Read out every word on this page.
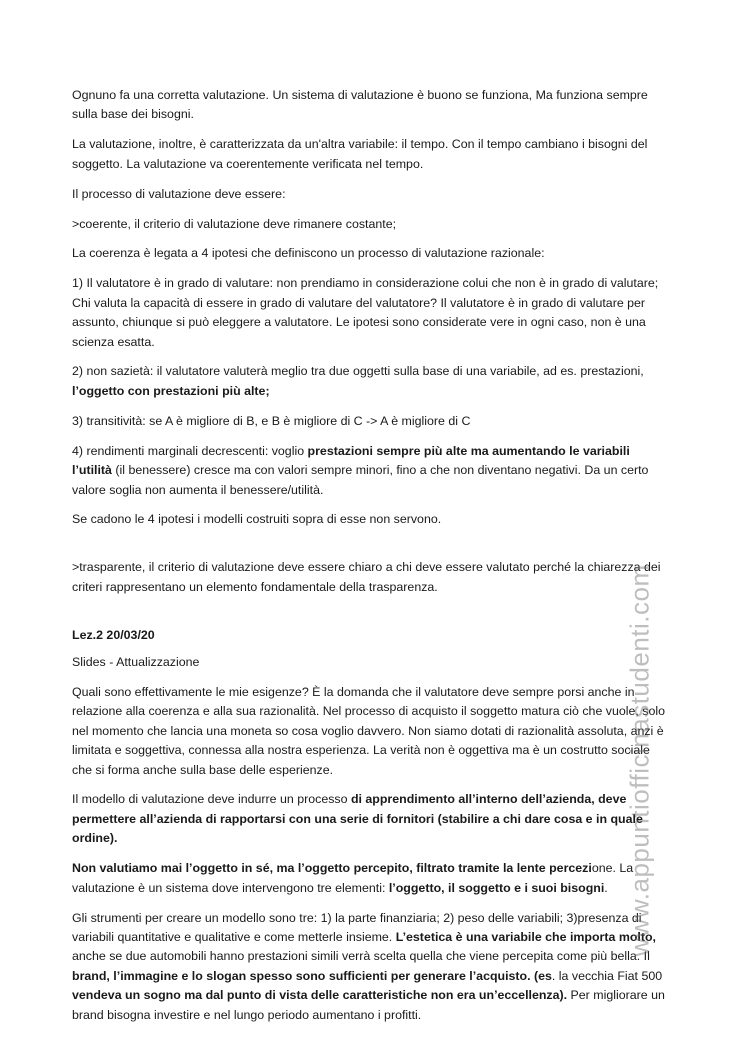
Ognuno fa una corretta valutazione. Un sistema di valutazione è buono se funziona, Ma funziona sempre sulla base dei bisogni.

La valutazione, inoltre, è caratterizzata da un'altra variabile: il tempo. Con il tempo cambiano i bisogni del soggetto. La valutazione va coerentemente verificata nel tempo.

Il processo di valutazione deve essere:

>coerente, il criterio di valutazione deve rimanere costante;

La coerenza è legata a 4 ipotesi che definiscono un processo di valutazione razionale:

1) Il valutatore è in grado di valutare: non prendiamo in considerazione colui che non è in grado di valutare; Chi valuta la capacità di essere in grado di valutare del valutatore? Il valutatore è in grado di valutare per assunto, chiunque si può eleggere a valutatore. Le ipotesi sono considerate vere in ogni caso, non è una scienza esatta.

2) non sazietà: il valutatore valuterà meglio tra due oggetti sulla base di una variabile, ad es. prestazioni, l’oggetto con prestazioni più alte;

3) transitività: se A è migliore di B, e B è migliore di C -> A è migliore di C

4) rendimenti marginali decrescenti: voglio prestazioni sempre più alte ma aumentando le variabili l’utilità (il benessere) cresce ma con valori sempre minori, fino a che non diventano negativi. Da un certo valore soglia non aumenta il benessere/utilità.

Se cadono le 4 ipotesi i modelli costruiti sopra di esse non servono.

>trasparente, il criterio di valutazione deve essere chiaro a chi deve essere valutato perché la chiarezza dei criteri rappresentano un elemento fondamentale della trasparenza.

Lez.2 20/03/20

Slides - Attualizzazione

Quali sono effettivamente le mie esigenze? È la domanda che il valutatore deve sempre porsi anche in relazione alla coerenza e alla sua razionalità. Nel processo di acquisto il soggetto matura ciò che vuole, solo nel momento che lancia una moneta so cosa voglio davvero. Non siamo dotati di razionalità assoluta, anzi è limitata e soggettiva, connessa alla nostra esperienza. La verità non è oggettiva ma è un costrutto sociale che si forma anche sulla base delle esperienze.

Il modello di valutazione deve indurre un processo di apprendimento all’interno dell’azienda, deve permettere all’azienda di rapportarsi con una serie di fornitori (stabilire a chi dare cosa e in quale ordine).

Non valutiamo mai l’oggetto in sé, ma l’oggetto percepito, filtrato tramite la lente percezione. La valutazione è un sistema dove intervengono tre elementi: l’oggetto, il soggetto e i suoi bisogni.

Gli strumenti per creare un modello sono tre: 1) la parte finanziaria; 2) peso delle variabili; 3)presenza di variabili quantitative e qualitative e come metterle insieme. L’estetica è una variabile che importa molto, anche se due automobili hanno prestazioni simili verrà scelta quella che viene percepita come più bella. Il brand, l’immagine e lo slogan spesso sono sufficienti per generare l’acquisto. (es. la vecchia Fiat 500 vendeva un sogno ma dal punto di vista delle caratteristiche non era un’eccellenza). Per migliorare un brand bisogna investire e nel lungo periodo aumentano i profitti.

www.appuntiofficinastudenti.com
